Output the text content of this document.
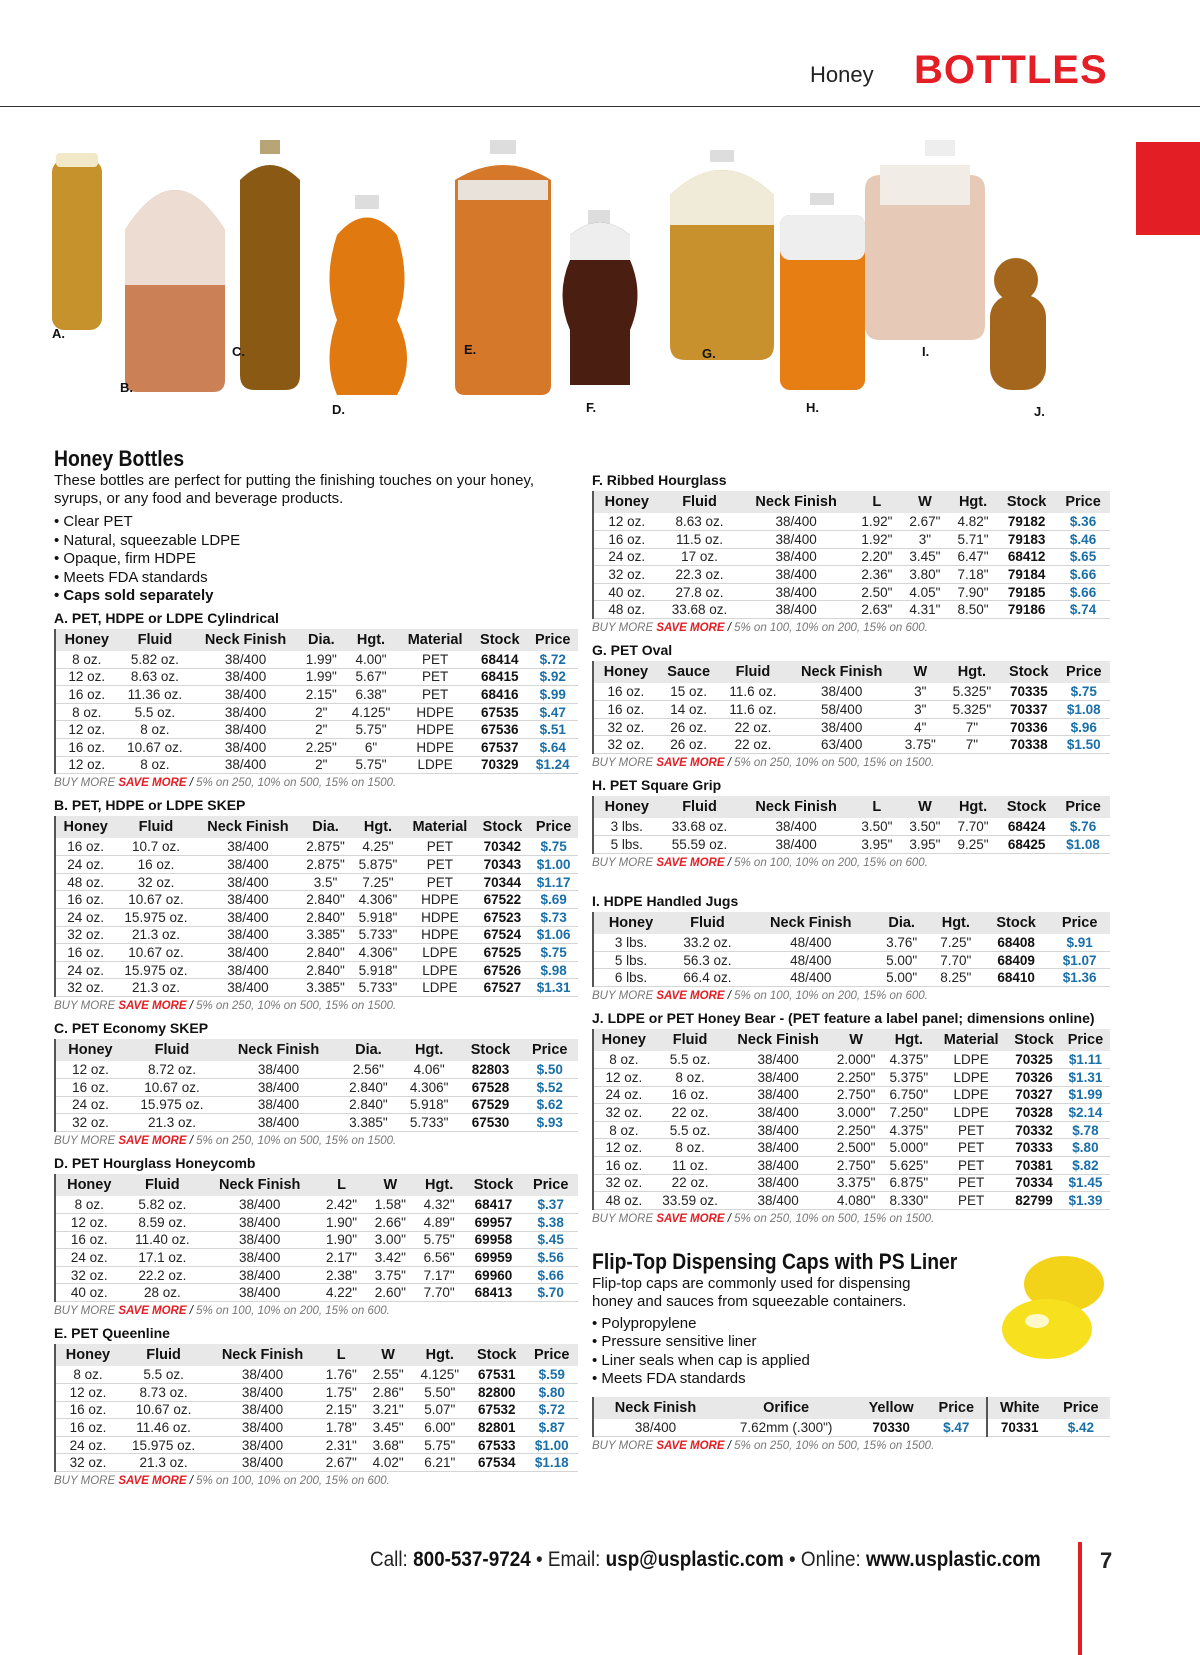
Honey BOTTLES
A.
B.
C.
D.
E.
F.
G.
H.
I.
J.
Honey Bottles

These bottles are perfect for putting the finishing touches on your honey, syrups, or any food and beverage products.

• Clear PET
• Natural, squeezable LDPE
• Opaque, firm HDPE
• Meets FDA standards
• Caps sold separately
A. PET, HDPE or LDPE Cylindrical
Honey	Fluid	Neck Finish	Dia.	Hgt.	Material	Stock	Price
8 oz.	5.82 oz.	38/400	1.99"	4.00"	PET	68414	$.72
12 oz.	8.63 oz.	38/400	1.99"	5.67"	PET	68415	$.92
16 oz.	11.36 oz.	38/400	2.15"	6.38"	PET	68416	$.99
8 oz.	5.5 oz.	38/400	2"	4.125"	HDPE	67535	$.47
12 oz.	8 oz.	38/400	2"	5.75"	HDPE	67536	$.51
16 oz.	10.67 oz.	38/400	2.25"	6"	HDPE	67537	$.64
12 oz.	8 oz.	38/400	2"	5.75"	LDPE	70329	$1.24
BUY MORE SAVE MORE / 5% on 250, 10% on 500, 15% on 1500.
B. PET, HDPE or LDPE SKEP
Honey	Fluid	Neck Finish	Dia.	Hgt.	Material	Stock	Price
16 oz.	10.7 oz.	38/400	2.875"	4.25"	PET	70342	$.75
24 oz.	16 oz.	38/400	2.875"	5.875"	PET	70343	$1.00
48 oz.	32 oz.	38/400	3.5"	7.25"	PET	70344	$1.17
16 oz.	10.67 oz.	38/400	2.840"	4.306"	HDPE	67522	$.69
24 oz.	15.975 oz.	38/400	2.840"	5.918"	HDPE	67523	$.73
32 oz.	21.3 oz.	38/400	3.385"	5.733"	HDPE	67524	$1.06
16 oz.	10.67 oz.	38/400	2.840"	4.306"	LDPE	67525	$.75
24 oz.	15.975 oz.	38/400	2.840"	5.918"	LDPE	67526	$.98
32 oz.	21.3 oz.	38/400	3.385"	5.733"	LDPE	67527	$1.31
BUY MORE SAVE MORE / 5% on 250, 10% on 500, 15% on 1500.
C. PET Economy SKEP
Honey	Fluid	Neck Finish	Dia.	Hgt.	Stock	Price
12 oz.	8.72 oz.	38/400	2.56"	4.06"	82803	$.50
16 oz.	10.67 oz.	38/400	2.840"	4.306"	67528	$.52
24 oz.	15.975 oz.	38/400	2.840"	5.918"	67529	$.62
32 oz.	21.3 oz.	38/400	3.385"	5.733"	67530	$.93
BUY MORE SAVE MORE / 5% on 250, 10% on 500, 15% on 1500.
D. PET Hourglass Honeycomb
Honey	Fluid	Neck Finish	L	W	Hgt.	Stock	Price
8 oz.	5.82 oz.	38/400	2.42"	1.58"	4.32"	68417	$.37
12 oz.	8.59 oz.	38/400	1.90"	2.66"	4.89"	69957	$.38
16 oz.	11.40 oz.	38/400	1.90"	3.00"	5.75"	69958	$.45
24 oz.	17.1 oz.	38/400	2.17"	3.42"	6.56"	69959	$.56
32 oz.	22.2 oz.	38/400	2.38"	3.75"	7.17"	69960	$.66
40 oz.	28 oz.	38/400	4.22"	2.60"	7.70"	68413	$.70
BUY MORE SAVE MORE / 5% on 100, 10% on 200, 15% on 600.
E. PET Queenline
Honey	Fluid	Neck Finish	L	W	Hgt.	Stock	Price
8 oz.	5.5 oz.	38/400	1.76"	2.55"	4.125"	67531	$.59
12 oz.	8.73 oz.	38/400	1.75"	2.86"	5.50"	82800	$.80
16 oz.	10.67 oz.	38/400	2.15"	3.21"	5.07"	67532	$.72
16 oz.	11.46 oz.	38/400	1.78"	3.45"	6.00"	82801	$.87
24 oz.	15.975 oz.	38/400	2.31"	3.68"	5.75"	67533	$1.00
32 oz.	21.3 oz.	38/400	2.67"	4.02"	6.21"	67534	$1.18
BUY MORE SAVE MORE / 5% on 100, 10% on 200, 15% on 600.
F. Ribbed Hourglass
Honey	Fluid	Neck Finish	L	W	Hgt.	Stock	Price
12 oz.	8.63 oz.	38/400	1.92"	2.67"	4.82"	79182	$.36
16 oz.	11.5 oz.	38/400	1.92"	3"	5.71"	79183	$.46
24 oz.	17 oz.	38/400	2.20"	3.45"	6.47"	68412	$.65
32 oz.	22.3 oz.	38/400	2.36"	3.80"	7.18"	79184	$.66
40 oz.	27.8 oz.	38/400	2.50"	4.05"	7.90"	79185	$.66
48 oz.	33.68 oz.	38/400	2.63"	4.31"	8.50"	79186	$.74
BUY MORE SAVE MORE / 5% on 100, 10% on 200, 15% on 600.
G. PET Oval
Honey	Sauce	Fluid	Neck Finish	W	Hgt.	Stock	Price
16 oz.	15 oz.	11.6 oz.	38/400	3"	5.325"	70335	$.75
16 oz.	14 oz.	11.6 oz.	58/400	3"	5.325"	70337	$1.08
32 oz.	26 oz.	22 oz.	38/400	4"	7"	70336	$.96
32 oz.	26 oz.	22 oz.	63/400	3.75"	7"	70338	$1.50
BUY MORE SAVE MORE / 5% on 250, 10% on 500, 15% on 1500.
H. PET Square Grip
Honey	Fluid	Neck Finish	L	W	Hgt.	Stock	Price
3 lbs.	33.68 oz.	38/400	3.50"	3.50"	7.70"	68424	$.76
5 lbs.	55.59 oz.	38/400	3.95"	3.95"	9.25"	68425	$1.08
BUY MORE SAVE MORE / 5% on 100, 10% on 200, 15% on 600.
I. HDPE Handled Jugs
Honey	Fluid	Neck Finish	Dia.	Hgt.	Stock	Price
3 lbs.	33.2 oz.	48/400	3.76"	7.25"	68408	$.91
5 lbs.	56.3 oz.	48/400	5.00"	7.70"	68409	$1.07
6 lbs.	66.4 oz.	48/400	5.00"	8.25"	68410	$1.36
BUY MORE SAVE MORE / 5% on 100, 10% on 200, 15% on 600.
J. LDPE or PET Honey Bear - (PET feature a label panel; dimensions online)
Honey	Fluid	Neck Finish	W	Hgt.	Material	Stock	Price
8 oz.	5.5 oz.	38/400	2.000"	4.375"	LDPE	70325	$1.11
12 oz.	8 oz.	38/400	2.250"	5.375"	LDPE	70326	$1.31
24 oz.	16 oz.	38/400	2.750"	6.750"	LDPE	70327	$1.99
32 oz.	22 oz.	38/400	3.000"	7.250"	LDPE	70328	$2.14
8 oz.	5.5 oz.	38/400	2.250"	4.375"	PET	70332	$.78
12 oz.	8 oz.	38/400	2.500"	5.000"	PET	70333	$.80
16 oz.	11 oz.	38/400	2.750"	5.625"	PET	70381	$.82
32 oz.	22 oz.	38/400	3.375"	6.875"	PET	70334	$1.45
48 oz.	33.59 oz.	38/400	4.080"	8.330"	PET	82799	$1.39
BUY MORE SAVE MORE / 5% on 250, 10% on 500, 15% on 1500.
Flip-Top Dispensing Caps with PS Liner

Flip-top caps are commonly used for dispensing honey and sauces from squeezable containers.

• Polypropylene
• Pressure sensitive liner
• Liner seals when cap is applied
• Meets FDA standards
Neck Finish	Orifice	Yellow	Price	White	Price
38/400	7.62mm (.300")	70330	$.47	70331	$.42
BUY MORE SAVE MORE / 5% on 250, 10% on 500, 15% on 1500.
Call: 800-537-9724 • Email: usp@usplastic.com • Online: www.usplastic.com	7
